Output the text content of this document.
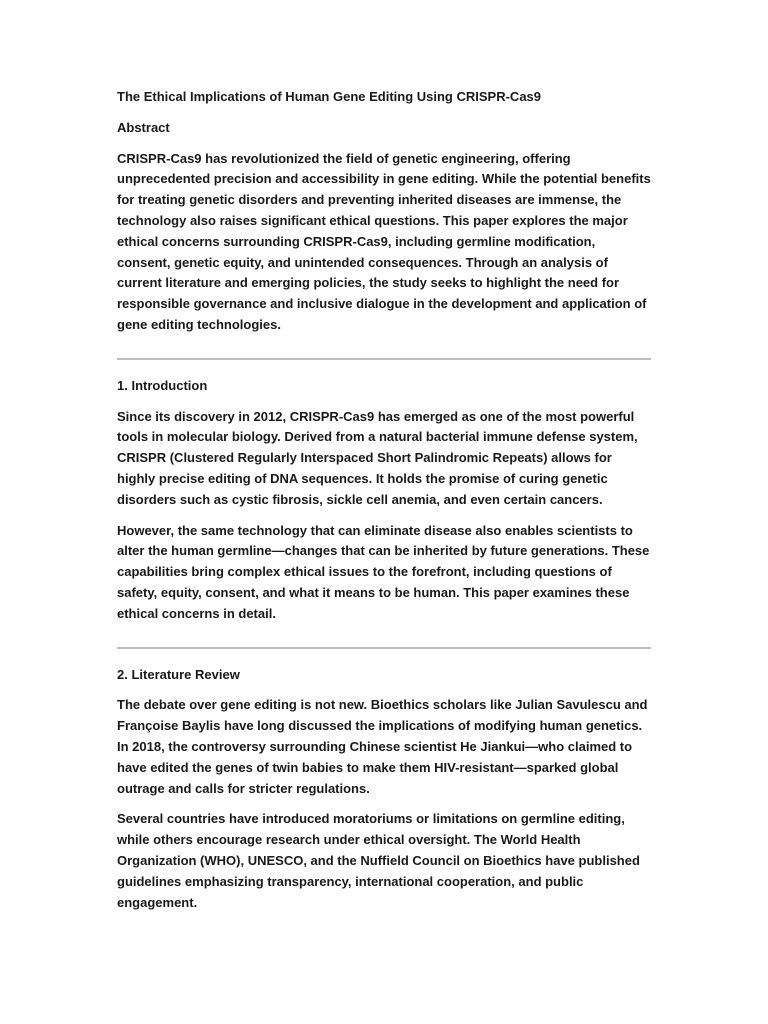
The Ethical Implications of Human Gene Editing Using CRISPR-Cas9

Abstract

CRISPR-Cas9 has revolutionized the field of genetic engineering, offering unprecedented precision and accessibility in gene editing. While the potential benefits for treating genetic disorders and preventing inherited diseases are immense, the technology also raises significant ethical questions. This paper explores the major ethical concerns surrounding CRISPR-Cas9, including germline modification, consent, genetic equity, and unintended consequences. Through an analysis of current literature and emerging policies, the study seeks to highlight the need for responsible governance and inclusive dialogue in the development and application of gene editing technologies.

1. Introduction

Since its discovery in 2012, CRISPR-Cas9 has emerged as one of the most powerful tools in molecular biology. Derived from a natural bacterial immune defense system, CRISPR (Clustered Regularly Interspaced Short Palindromic Repeats) allows for highly precise editing of DNA sequences. It holds the promise of curing genetic disorders such as cystic fibrosis, sickle cell anemia, and even certain cancers.

However, the same technology that can eliminate disease also enables scientists to alter the human germline—changes that can be inherited by future generations. These capabilities bring complex ethical issues to the forefront, including questions of safety, equity, consent, and what it means to be human. This paper examines these ethical concerns in detail.

2. Literature Review

The debate over gene editing is not new. Bioethics scholars like Julian Savulescu and Françoise Baylis have long discussed the implications of modifying human genetics. In 2018, the controversy surrounding Chinese scientist He Jiankui—who claimed to have edited the genes of twin babies to make them HIV-resistant—sparked global outrage and calls for stricter regulations.

Several countries have introduced moratoriums or limitations on germline editing, while others encourage research under ethical oversight. The World Health Organization (WHO), UNESCO, and the Nuffield Council on Bioethics have published guidelines emphasizing transparency, international cooperation, and public engagement.
